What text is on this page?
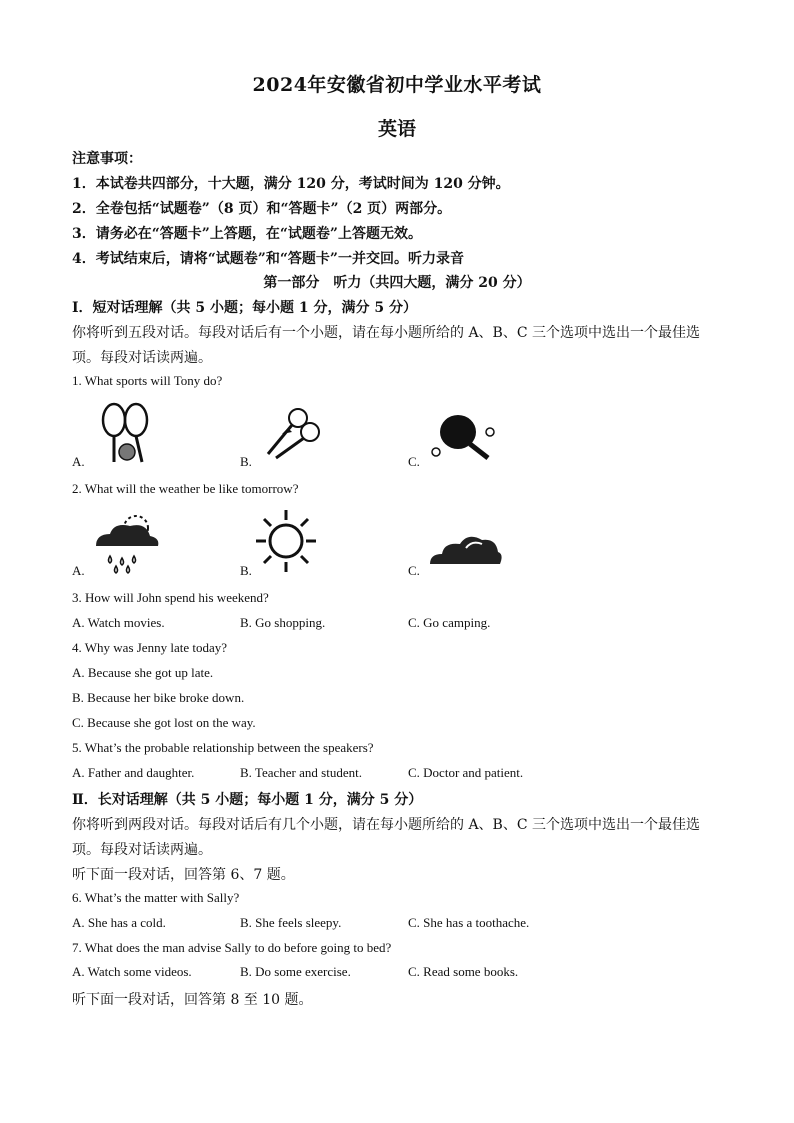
2024年安徽省初中学业水平考试
英语
注意事项：
1．本试卷共四部分，十大题，满分 120 分，考试时间为 120 分钟。
2．全卷包括“试题卷”（8 页）和“答题卡”（2 页）两部分。
3．请务必在“答题卡”上答题，在“试题卷”上答题无效。
4．考试结束后，请将“试题卷”和“答题卡”一并交回。听力录音
第一部分　听力（共四大题，满分 20 分）
I．短对话理解（共 5 小题；每小题 1 分，满分 5 分）
你将听到五段对话。每段对话后有一个小题，请在每小题所给的 A、B、C 三个选项中选出一个最佳选
项。每段对话读两遍。
1. What sports will Tony do?
A.	B.	C.
2. What will the weather be like tomorrow?
A.	B.	C.
3. How will John spend his weekend?
A. Watch movies.	B. Go shopping.	C. Go camping.
4. Why was Jenny late today?
A. Because she got up late.
B. Because her bike broke down.
C. Because she got lost on the way.
5. What’s the probable relationship between the speakers?
A. Father and daughter.	B. Teacher and student.	C. Doctor and patient.
Ⅱ．长对话理解（共 5 小题；每小题 1 分，满分 5 分）
你将听到两段对话。每段对话后有几个小题，请在每小题所给的 A、B、C 三个选项中选出一个最佳选
项。每段对话读两遍。
听下面一段对话，回答第 6、7 题。
6. What’s the matter with Sally?
A. She has a cold.	B. She feels sleepy.	C. She has a toothache.
7. What does the man advise Sally to do before going to bed?
A. Watch some videos.	B. Do some exercise.	C. Read some books.
听下面一段对话，回答第 8 至 10 题。
